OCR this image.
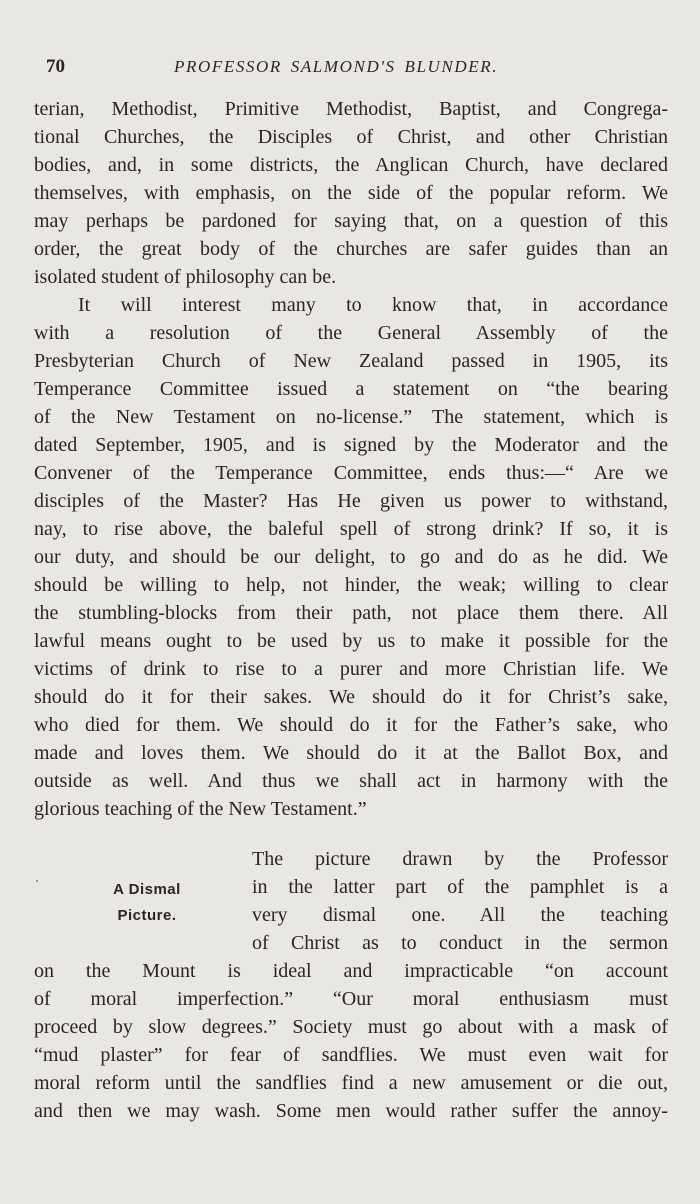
70	PROFESSOR SALMOND'S BLUNDER.
terian, Methodist, Primitive Methodist, Baptist, and Congrega-
tional Churches, the Disciples of Christ, and other Christian
bodies, and, in some districts, the Anglican Church, have declared
themselves, with emphasis, on the side of the popular reform. We
may perhaps be pardoned for saying that, on a question of this
order, the great body of the churches are safer guides than an
isolated student of philosophy can be.
It will interest many to know that, in accordance
with a resolution of the General Assembly of the
Presbyterian Church of New Zealand passed in 1905, its
Temperance Committee issued a statement on “the bearing
of the New Testament on no-license.” The statement, which is
dated September, 1905, and is signed by the Moderator and the
Convener of the Temperance Committee, ends thus:—“ Are we
disciples of the Master? Has He given us power to withstand,
nay, to rise above, the baleful spell of strong drink? If so, it is
our duty, and should be our delight, to go and do as he did. We
should be willing to help, not hinder, the weak; willing to clear
the stumbling-blocks from their path, not place them there. All
lawful means ought to be used by us to make it possible for the
victims of drink to rise to a purer and more Christian life. We
should do it for their sakes. We should do it for Christ’s sake,
who died for them. We should do it for the Father’s sake, who
made and loves them. We should do it at the Ballot Box, and
outside as well. And thus we shall act in harmony with the
glorious teaching of the New Testament.”
A Dismal
Picture.
The picture drawn by the Professor
in the latter part of the pamphlet is a
very dismal one. All the teaching
of Christ as to conduct in the sermon
on the Mount is ideal and impracticable “on account
of moral imperfection.” “Our moral enthusiasm must
proceed by slow degrees.” Society must go about with a mask of
“mud plaster” for fear of sandflies. We must even wait for
moral reform until the sandflies find a new amusement or die out,
and then we may wash. Some men would rather suffer the annoy-
